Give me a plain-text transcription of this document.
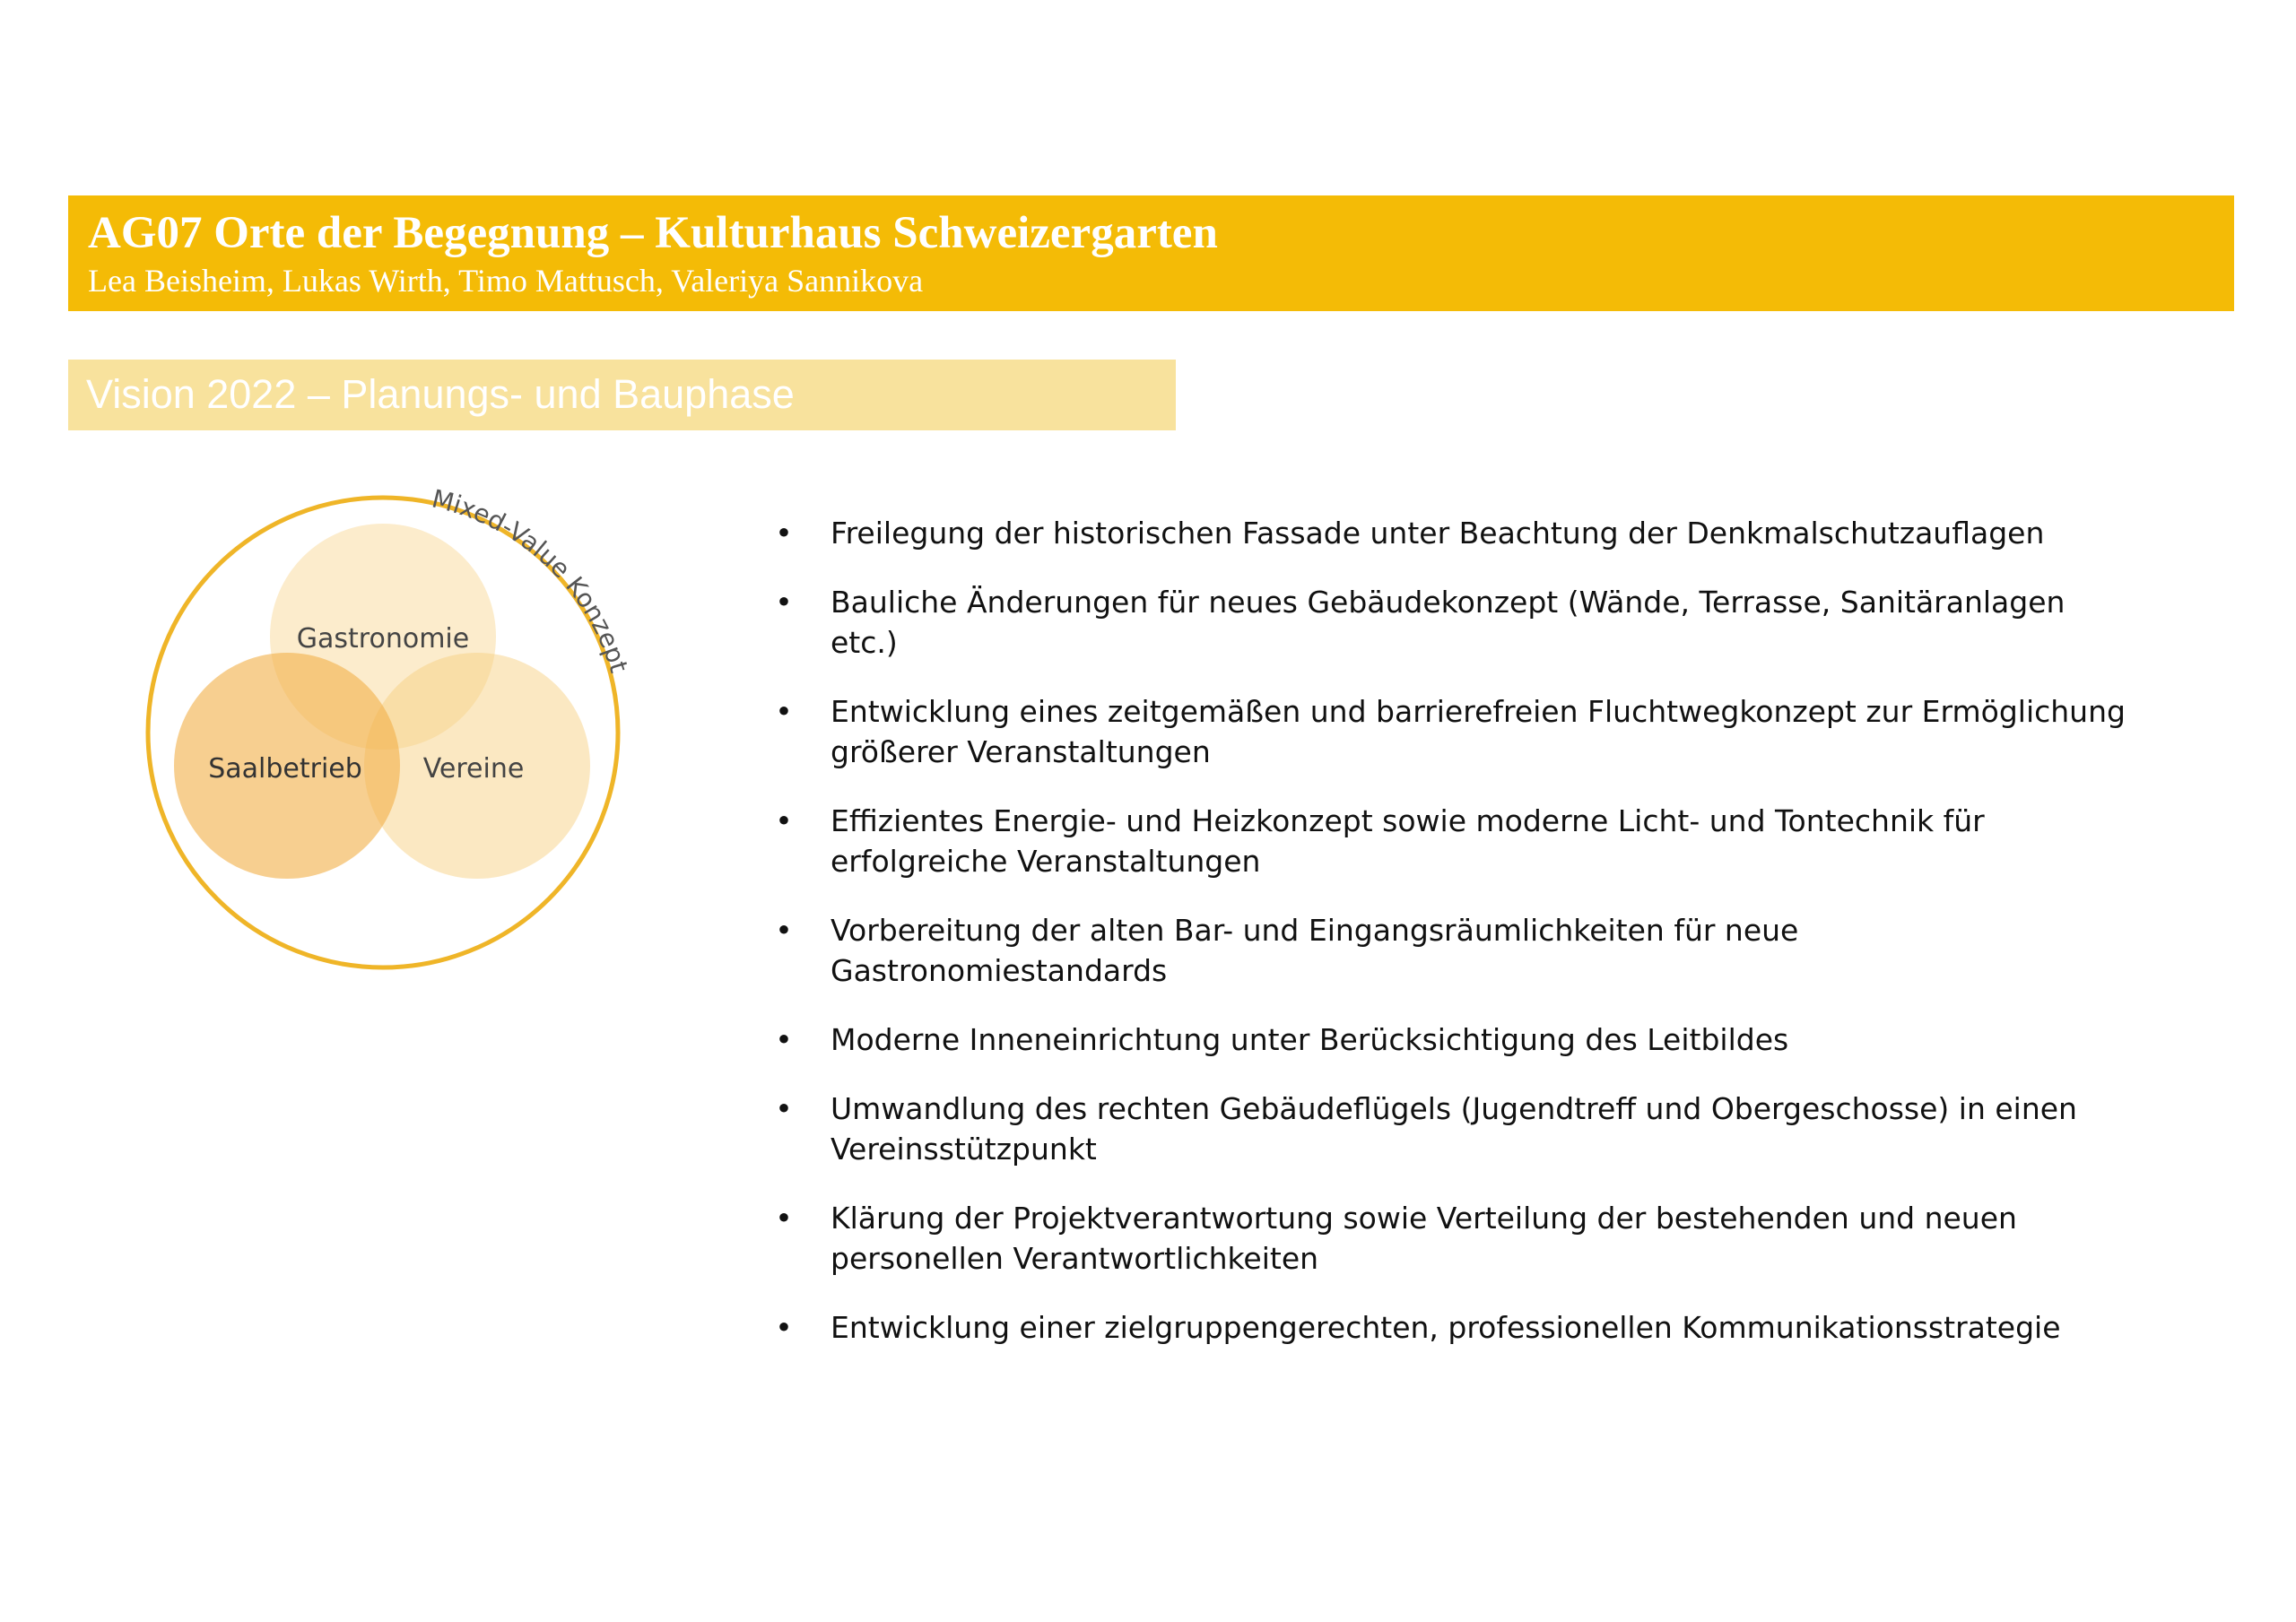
AG07 Orte der Begegnung – Kulturhaus Schweizergarten
Lea Beisheim, Lukas Wirth, Timo Mattusch, Valeriya Sannikova
Vision 2022 – Planungs- und Bauphase
Gastronomie
Saalbetrieb Vereine
Mixed-Value Konzept
• Freilegung der historischen Fassade unter Beachtung der Denkmalschutzauflagen
• Bauliche Änderungen für neues Gebäudekonzept (Wände, Terrasse, Sanitäranlagen etc.)
• Entwicklung eines zeitgemäßen und barrierefreien Fluchtwegkonzept zur Ermöglichung größerer Veranstaltungen
• Effizientes Energie- und Heizkonzept sowie moderne Licht- und Tontechnik für erfolgreiche Veranstaltungen
• Vorbereitung der alten Bar- und Eingangsräumlichkeiten für neue Gastronomiestandards
• Moderne Inneneinrichtung unter Berücksichtigung des Leitbildes
• Umwandlung des rechten Gebäudeflügels (Jugendtreff und Obergeschosse) in einen Vereinsstützpunkt
• Klärung der Projektverantwortung sowie Verteilung der bestehenden und neuen personellen Verantwortlichkeiten
• Entwicklung einer zielgruppengerechten, professionellen Kommunikationsstrategie
